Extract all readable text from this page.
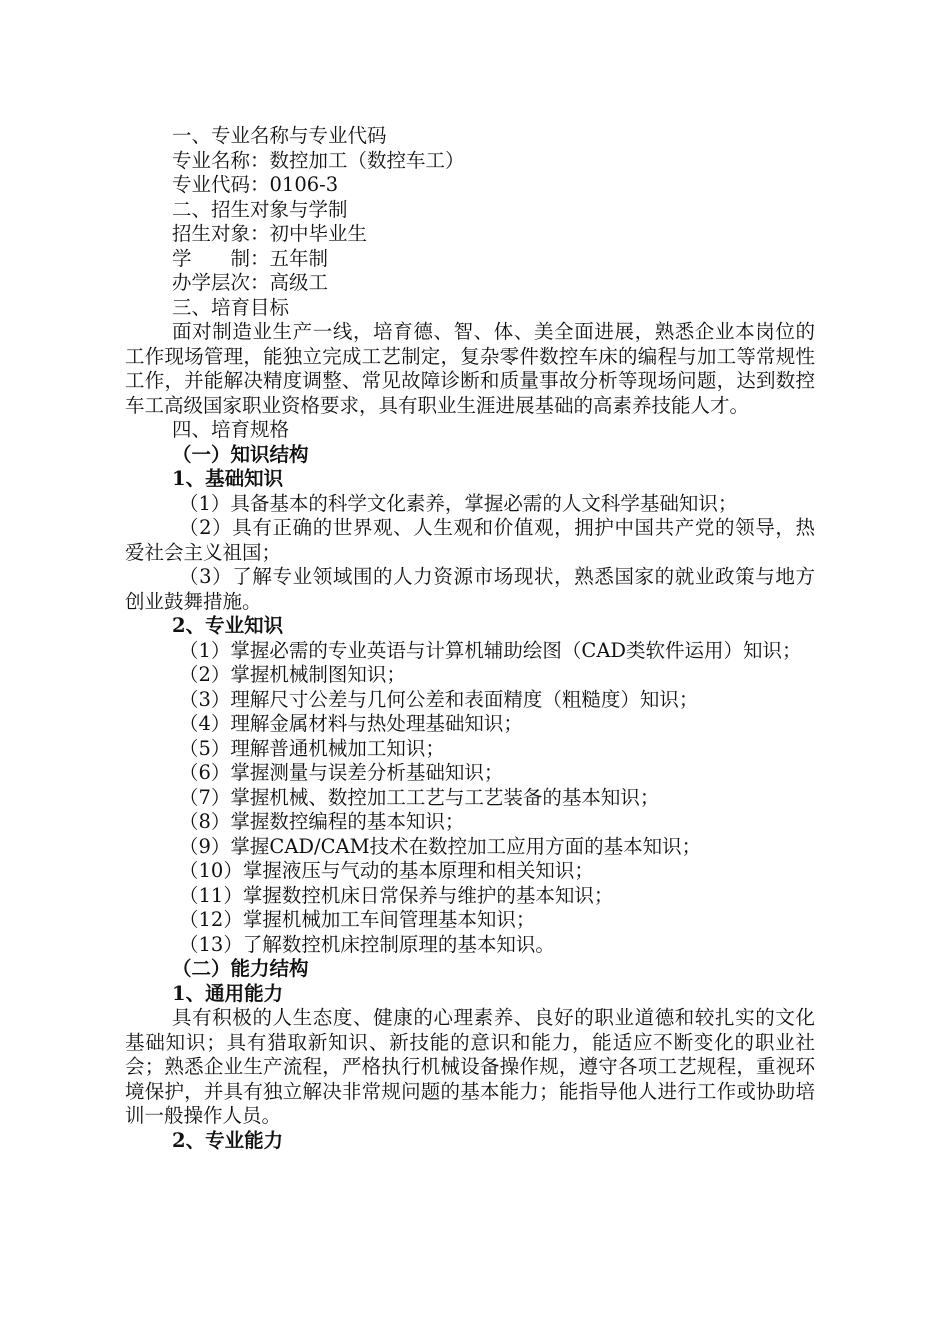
一、专业名称与专业代码

专业名称：数控加工（数控车工）

专业代码：0106-3

二、招生对象与学制

招生对象：初中毕业生

学　　制：五年制

办学层次：高级工

三、培育目标

面对制造业生产一线，培育德、智、体、美全面进展，熟悉企业本岗位的工作现场管理，能独立完成工艺制定，复杂零件数控车床的编程与加工等常规性工作，并能解决精度调整、常见故障诊断和质量事故分析等现场问题，达到数控车工高级国家职业资格要求，具有职业生涯进展基础的高素养技能人才。

四、培育规格

（一）知识结构

1、基础知识

（1）具备基本的科学文化素养，掌握必需的人文科学基础知识；

（2）具有正确的世界观、人生观和价值观，拥护中国共产党的领导，热爱社会主义祖国；

（3）了解专业领域围的人力资源市场现状，熟悉国家的就业政策与地方创业鼓舞措施。

2、专业知识

（1）掌握必需的专业英语与计算机辅助绘图（CAD类软件运用）知识；

（2）掌握机械制图知识；

（3）理解尺寸公差与几何公差和表面精度（粗糙度）知识；

（4）理解金属材料与热处理基础知识；

（5）理解普通机械加工知识；

（6）掌握测量与误差分析基础知识；

（7）掌握机械、数控加工工艺与工艺装备的基本知识；

（8）掌握数控编程的基本知识；

（9）掌握CAD/CAM技术在数控加工应用方面的基本知识；

（10）掌握液压与气动的基本原理和相关知识；

（11）掌握数控机床日常保养与维护的基本知识；

（12）掌握机械加工车间管理基本知识；

（13）了解数控机床控制原理的基本知识。

（二）能力结构

1、通用能力

具有积极的人生态度、健康的心理素养、良好的职业道德和较扎实的文化基础知识；具有猎取新知识、新技能的意识和能力，能适应不断变化的职业社会；熟悉企业生产流程，严格执行机械设备操作规，遵守各项工艺规程，重视环境保护，并具有独立解决非常规问题的基本能力；能指导他人进行工作或协助培训一般操作人员。

2、专业能力
